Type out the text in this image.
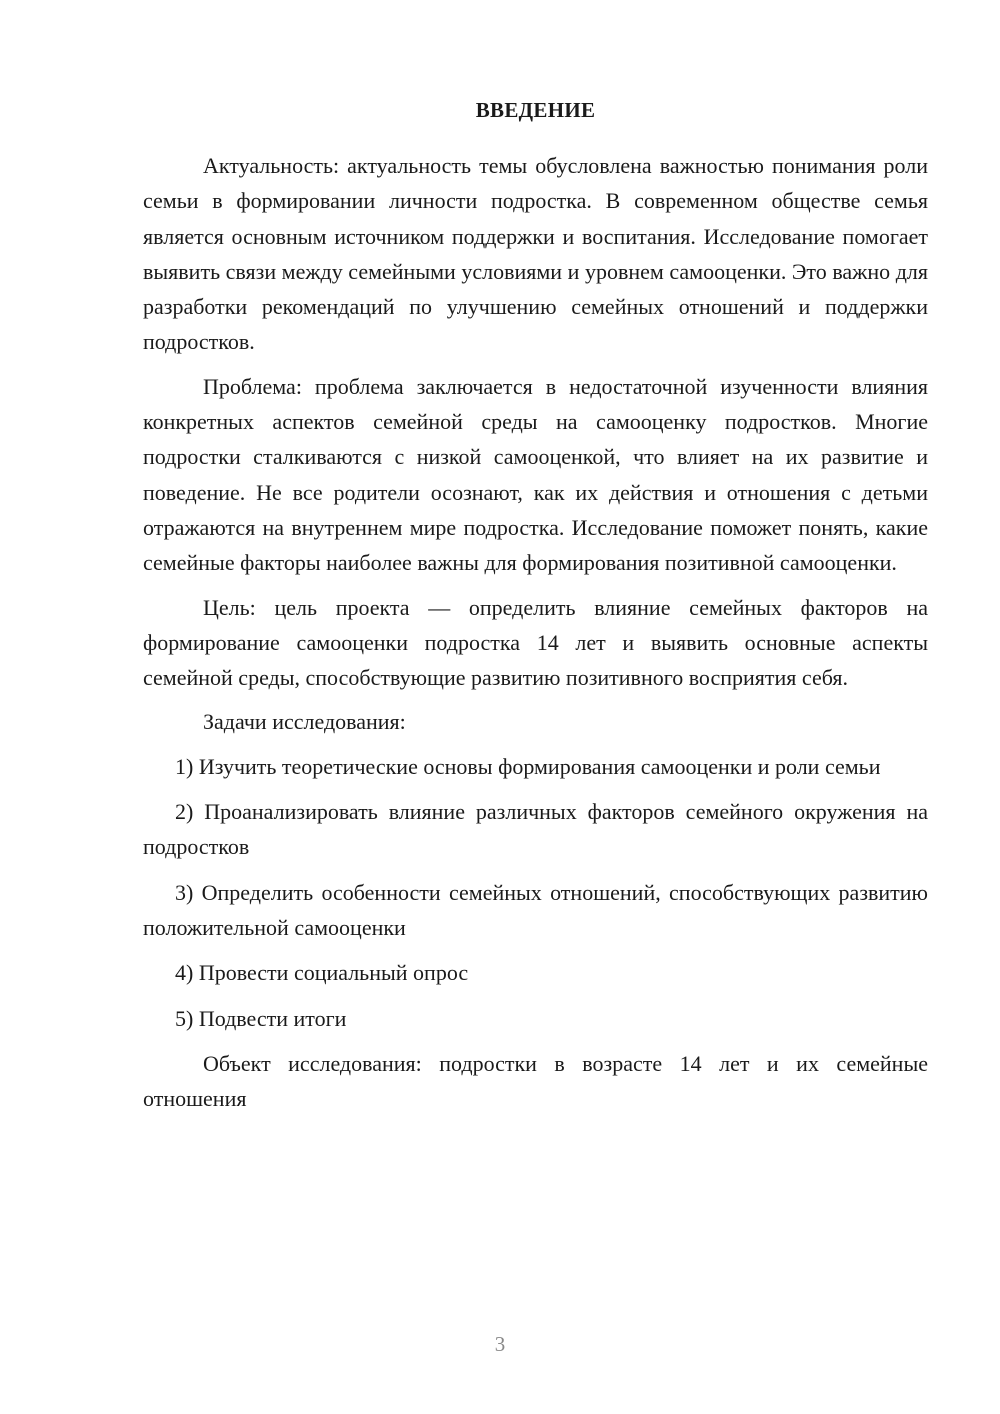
ВВЕДЕНИЕ

Актуальность: актуальность темы обусловлена важностью понимания роли семьи в формировании личности подростка. В современном обществе семья является основным источником поддержки и воспитания. Исследование помогает выявить связи между семейными условиями и уровнем самооценки. Это важно для разработки рекомендаций по улучшению семейных отношений и поддержки подростков.

Проблема: проблема заключается в недостаточной изученности влияния конкретных аспектов семейной среды на самооценку подростков. Многие подростки сталкиваются с низкой самооценкой, что влияет на их развитие и поведение. Не все родители осознают, как их действия и отношения с детьми отражаются на внутреннем мире подростка. Исследование поможет понять, какие семейные факторы наиболее важны для формирования позитивной самооценки.

Цель: цель проекта — определить влияние семейных факторов на формирование самооценки подростка 14 лет и выявить основные аспекты семейной среды, способствующие развитию позитивного восприятия себя.

Задачи исследования:

1) Изучить теоретические основы формирования самооценки и роли семьи

2) Проанализировать влияние различных факторов семейного окружения на подростков

3) Определить особенности семейных отношений, способствующих развитию положительной самооценки

4) Провести социальный опрос

5) Подвести итоги

Объект исследования: подростки в возрасте 14 лет и их семейные отношения

3
